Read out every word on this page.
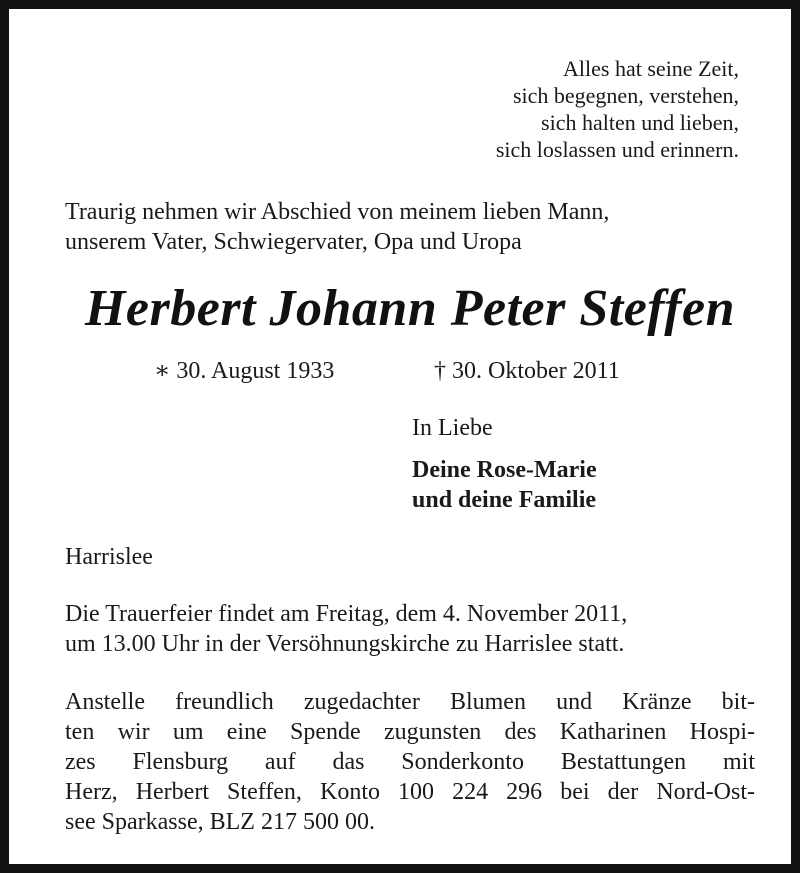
Alles hat seine Zeit,
sich begegnen, verstehen,
sich halten und lieben,
sich loslassen und erinnern.
Traurig nehmen wir Abschied von meinem lieben Mann,
unserem Vater, Schwiegervater, Opa und Uropa
Herbert Johann Peter Steffen
∗ 30. August 1933	† 30. Oktober 2011
In Liebe
Deine Rose-Marie
und deine Familie
Harrislee
Die Trauerfeier findet am Freitag, dem 4. November 2011,
um 13.00 Uhr in der Versöhnungskirche zu Harrislee statt.
Anstelle freundlich zugedachter Blumen und Kränze bit-
ten wir um eine Spende zugunsten des Katharinen Hospi-
zes Flensburg auf das Sonderkonto Bestattungen mit
Herz, Herbert Steffen, Konto 100 224 296 bei der Nord-Ost-
see Sparkasse, BLZ 217 500 00.
